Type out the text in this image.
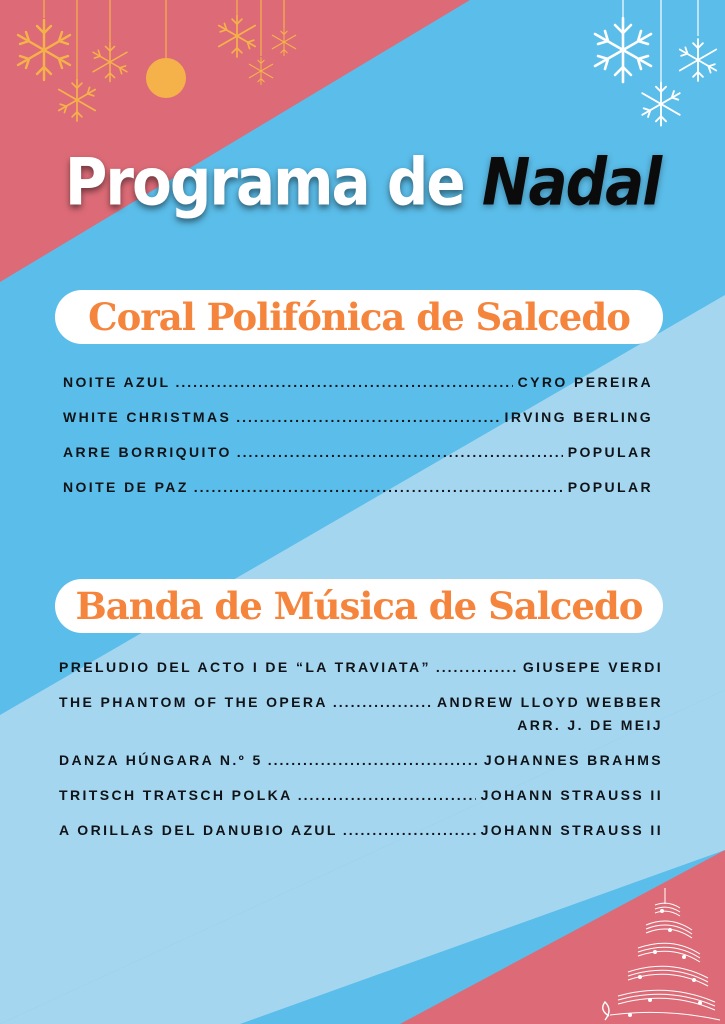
Programa de Nadal
Coral Polifónica de Salcedo
NOITE AZUL .....	CYRO PEREIRA
WHITE CHRISTMAS .....	IRVING BERLING
ARRE BORRIQUITO .....	POPULAR
NOITE DE PAZ .....	POPULAR
Banda de Música de Salcedo
PRELUDIO DEL ACTO I DE “LA TRAVIATA” .....	GIUSEPE VERDI
THE PHANTOM OF THE OPERA .....	ANDREW LLOYD WEBBER
ARR. J. DE MEIJ
DANZA HÚNGARA N.º 5 .....	JOHANNES BRAHMS
TRITSCH TRATSCH POLKA .....	JOHANN STRAUSS II
A ORILLAS DEL DANUBIO AZUL .....	JOHANN STRAUSS II
